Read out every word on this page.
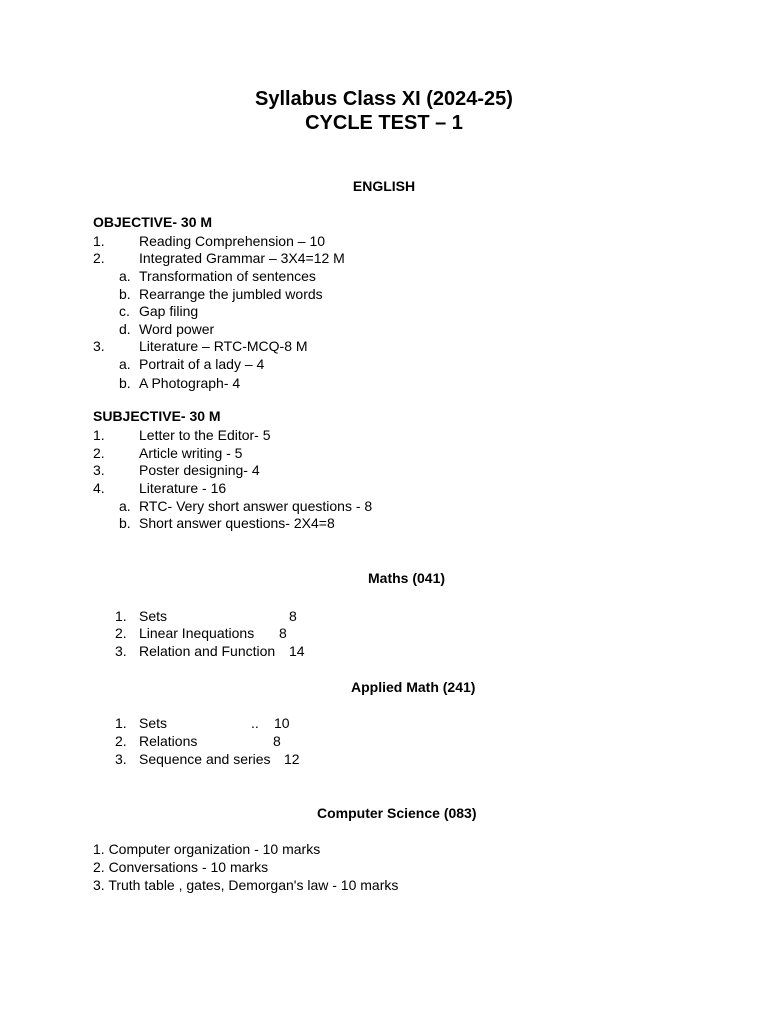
Syllabus Class XI (2024-25)
CYCLE TEST – 1
ENGLISH
OBJECTIVE- 30 M
1. Reading Comprehension – 10
2. Integrated Grammar – 3X4=12 M
a. Transformation of sentences
b. Rearrange the jumbled words
c. Gap filing
d. Word power
3. Literature – RTC-MCQ-8 M
a. Portrait of a lady – 4
b. A Photograph- 4
SUBJECTIVE- 30 M
1. Letter to the Editor- 5
2. Article writing - 5
3. Poster designing- 4
4. Literature - 16
a. RTC- Very short answer questions - 8
b. Short answer questions- 2X4=8
Maths (041)
1. Sets	8
2. Linear Inequations 8
3. Relation and Function 14
Applied Math (241)
1. Sets	.. 10
2. Relations	8
3. Sequence and series 12
Computer Science (083)
1. Computer organization - 10 marks
2. Conversations - 10 marks
3. Truth table , gates, Demorgan's law - 10 marks
